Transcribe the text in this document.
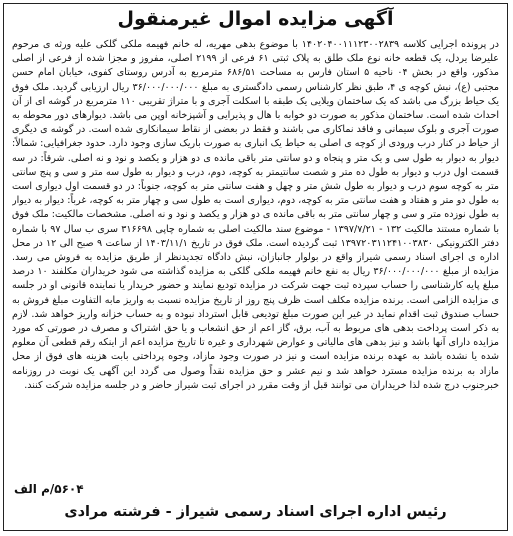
آگهی مزایده اموال غیرمنقول
در پرونده اجرایی کلاسه ۱۴۰۲۰۴۰۰۱۱۱۲۳۰۰۲۸۳۹ با موضوع بدهی مهریه، له خانم فهیمه ملکی گلکی علیه ورثه ی مرحوم علیرضا یردل، یک قطعه خانه نوع ملک طلق به پلاک ثبتی ۶۱ فرعی از ۲۱۹۹ اصلی، مفروز و مجزا شده از فرعی از اصلی مذکور، واقع در بخش ۰۴ ناحیه ۵ استان فارس به مساحت ۶۸۶/۵۱ مترمربع به آدرس روستای کفوی، خیابان امام حسن مجتبی (ع)، نبش کوچه ی ۴، طبق نظر کارشناس رسمی دادگستری به مبلغ ۳۶/۰۰۰/۰۰۰/۰۰۰ ریال ارزیابی گردید. ملک فوق یک حیاط بزرگ می باشد که یک ساختمان ویلایی یک طبقه با اسکلت آجری و با متراژ تقریبی ۱۱۰ مترمربع در گوشه ای از آن احداث شده است. ساختمان مذکور به صورت دو خوابه با هال و پذیرایی و آشپزخانه اوپن می باشد. دیوارهای دور محوطه به صورت آجری و بلوک سیمانی و فاقد نماکاری می باشند و فقط در بعضی از نقاط سیمانکاری شده است. در گوشه ی دیگری از حیاط در کنار درب ورودی از کوچه ی اصلی به حیاط یک انباری به صورت باریک سازی وجود دارد. حدود جغرافیایی: شمالاً: دیوار به دیوار به طول سی و یک متر و پنجاه و دو سانتی متر باقی مانده ی دو هزار و یکصد و نود و نه اصلی. شرقاً: در سه قسمت اول درب و دیوار به طول ده متر و شصت سانتیمتر به کوچه، دوم، درب و دیوار به طول سه متر و سی و پنج سانتی متر به کوچه سوم درب و دیوار به طول شش متر و چهل و هفت سانتی متر به کوچه، جنوباً: در دو قسمت اول دیواری است به طول دو متر و هفتاد و هفت سانتی متر به کوچه، دوم، دیواری است به طول سی و چهار متر به کوچه، غرباً: دیوار به دیوار به طول نوزده متر و سی و چهار سانتی متر به باقی مانده ی دو هزار و یکصد و نود و نه اصلی. مشخصات مالکیت: ملک فوق با شماره مستند مالکیت ۱۳۲ - ۱۳۹۷/۷/۲۱ - موضوع سند مالکیت اصلی به شماره چاپی ۳۱۶۶۹۸ سری ب سال ۹۷ با شماره دفتر الکترونیکی ۱۳۹۷۲۰۳۱۱۲۴۱۰۰۳۸۳۰ ثبت گردیده است. ملک فوق در تاریخ ۱۴۰۳/۱۱/۱ از ساعت ۹ صبح الی ۱۲ در محل اداره ی اجرای اسناد رسمی شیراز واقع در بولوار جانبازان، نبش دادگاه تجدیدنظر از طریق مزایده به فروش می رسد. مزایده از مبلغ ۳۶/۰۰۰/۰۰۰/۰۰۰ ریال به نفع خانم فهیمه ملکی گلکی به مزایده گذاشته می شود خریداران مکلفند ۱۰ درصد مبلغ پایه کارشناسی را حساب سپرده ثبت جهت شرکت در مزایده تودیع نمایند و حضور خریدار یا نماینده قانونی او در جلسه ی مزایده الزامی است. برنده مزایده مکلف است ظرف پنج روز از تاریخ مزایده نسبت به واریز مابه التفاوت مبلغ فروش به حساب صندوق ثبت اقدام نماید در غیر این صورت مبلغ تودیعی قابل استرداد نبوده و به حساب خزانه واریز خواهد شد. لازم به ذکر است پرداخت بدهی های مربوط به آب، برق، گاز اعم از حق انشعاب و یا حق اشتراک و مصرف در صورتی که مورد مزایده دارای آنها باشد و نیز بدهی های مالیاتی و عوارض شهرداری و غیره تا تاریخ مزایده اعم از اینکه رقم قطعی آن معلوم شده یا نشده باشد به عهده برنده مزایده است و نیز در صورت وجود مازاد، وجوه پرداختی بابت هزینه های فوق از محل مازاد به برنده مزایده مسترد خواهد شد و نیم عشر و حق مزایده نقداً وصول می گردد این آگهی یک نوبت در روزنامه خبرجنوب درج شده لذا خریداران می توانند قبل از وقت مقرر در اجرای ثبت شیراز حاضر و در جلسه مزایده شرکت کنند.
۵۶۰۴/م الف
رئیس اداره اجرای اسناد رسمی شیراز - فرشته مرادی
